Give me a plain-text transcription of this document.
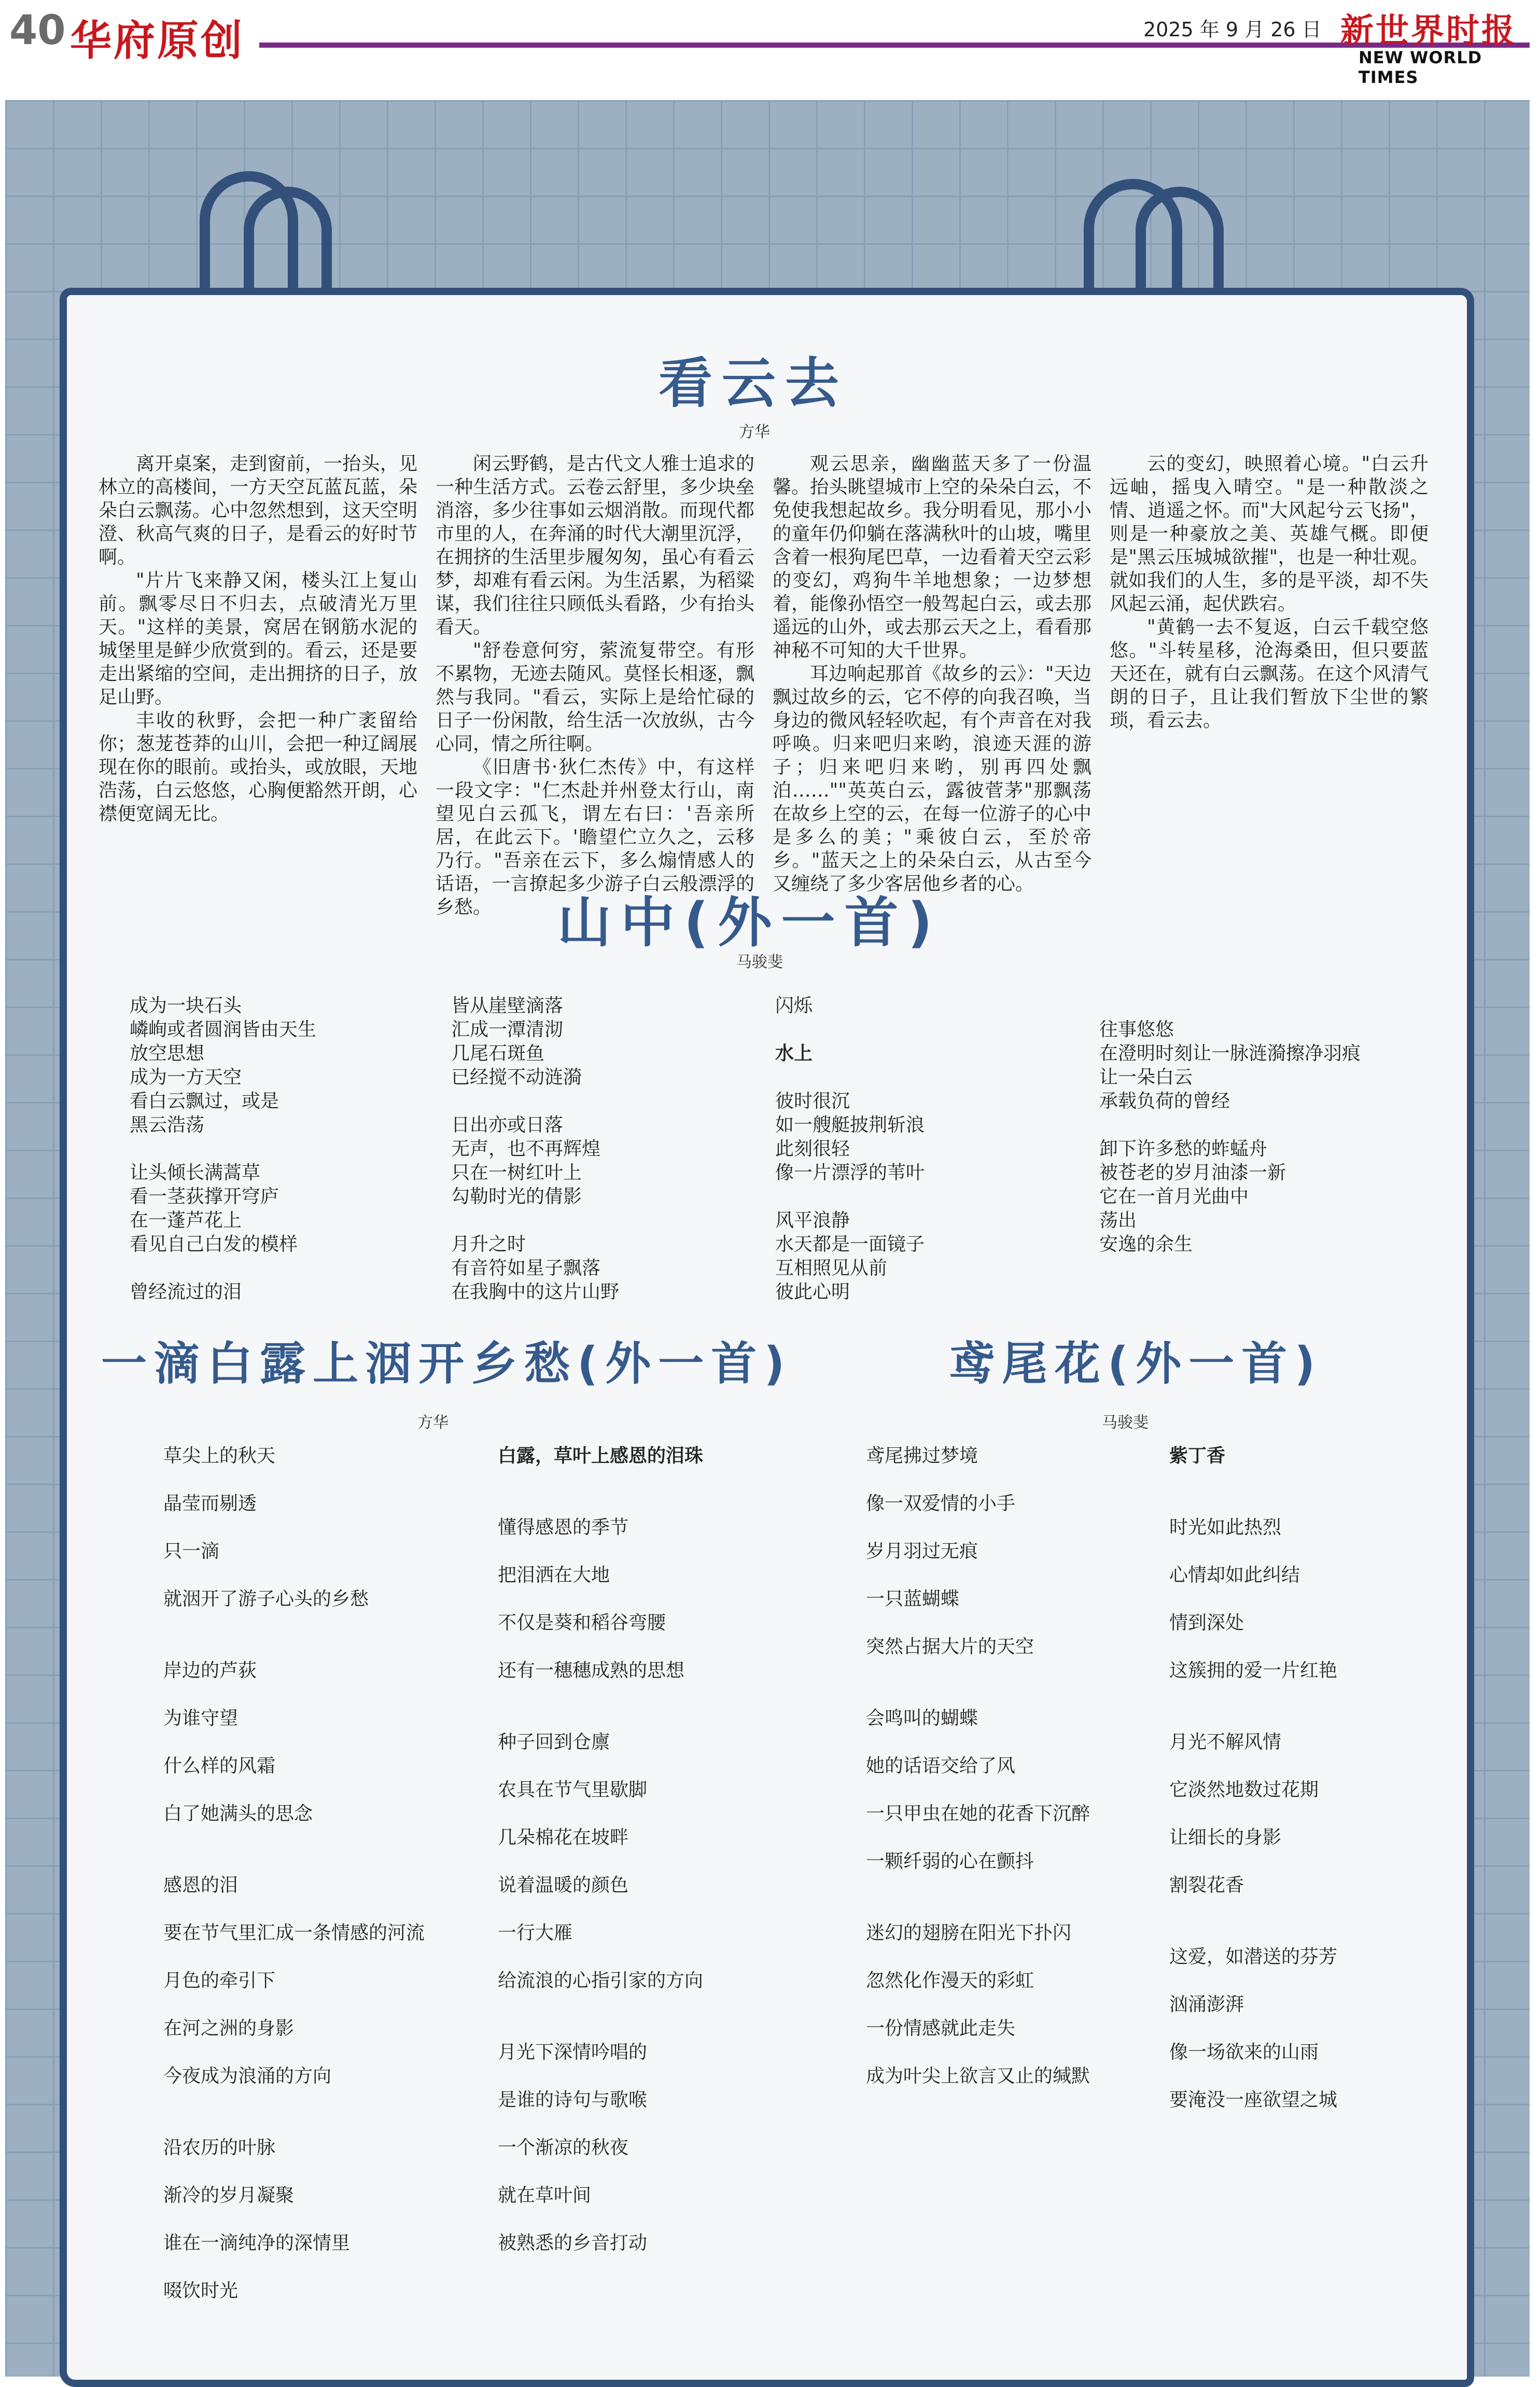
40 华府原创	2025 年 9 月 26 日 新世界时报
NEW WORLD TIMES
看云去
方华

离开桌案，走到窗前，一抬头，见林立的高楼间，一方天空瓦蓝瓦蓝，朵朵白云飘荡。心中忽然想到，这天空明澄、秋高气爽的日子，是看云的好时节啊。

"片片飞来静又闲，楼头江上复山前。飘零尽日不归去，点破清光万里天。"这样的美景，窝居在钢筋水泥的城堡里是鲜少欣赏到的。看云，还是要走出紧缩的空间，走出拥挤的日子，放足山野。

丰收的秋野，会把一种广袤留给你；葱茏苍莽的山川，会把一种辽阔展现在你的眼前。或抬头，或放眼，天地浩荡，白云悠悠，心胸便豁然开朗，心襟便宽阔无比。

闲云野鹤，是古代文人雅士追求的一种生活方式。云卷云舒里，多少块垒消溶，多少往事如云烟消散。而现代都市里的人，在奔涌的时代大潮里沉浮，在拥挤的生活里步履匆匆，虽心有看云梦，却难有看云闲。为生活累，为稻粱谋，我们往往只顾低头看路，少有抬头看天。

"舒卷意何穷，萦流复带空。有形不累物，无迹去随风。莫怪长相逐，飘然与我同。"看云，实际上是给忙碌的日子一份闲散，给生活一次放纵，古今心同，情之所往啊。

《旧唐书·狄仁杰传》中，有这样一段文字："仁杰赴并州登太行山，南望见白云孤飞，谓左右曰：'吾亲所居，在此云下。'瞻望伫立久之，云移乃行。"吾亲在云下，多么煽情感人的话语，一言撩起多少游子白云般漂浮的乡愁。

观云思亲，幽幽蓝天多了一份温馨。抬头眺望城市上空的朵朵白云，不免使我想起故乡。我分明看见，那小小的童年仍仰躺在落满秋叶的山坡，嘴里含着一根狗尾巴草，一边看着天空云彩的变幻，鸡狗牛羊地想象；一边梦想着，能像孙悟空一般驾起白云，或去那遥远的山外，或去那云天之上，看看那神秘不可知的大千世界。

耳边响起那首《故乡的云》："天边飘过故乡的云，它不停的向我召唤，当身边的微风轻轻吹起，有个声音在对我呼唤。归来吧归来哟，浪迹天涯的游子；归来吧归来哟，别再四处飘泊……""英英白云，露彼菅茅"那飘荡在故乡上空的云，在每一位游子的心中是多么的美；"乘彼白云，至於帝乡。"蓝天之上的朵朵白云，从古至今又缠绕了多少客居他乡者的心。

云的变幻，映照着心境。"白云升远岫，摇曳入晴空。"是一种散淡之情、逍遥之怀。而"大风起兮云飞扬"，则是一种豪放之美、英雄气概。即便是"黑云压城城欲摧"，也是一种壮观。就如我们的人生，多的是平淡，却不失风起云涌，起伏跌宕。

"黄鹤一去不复返，白云千载空悠悠。"斗转星移，沧海桑田，但只要蓝天还在，就有白云飘荡。在这个风清气朗的日子，且让我们暂放下尘世的繁琐，看云去。

山中(外一首)
马骏斐
成为一块石头
嶙峋或者圆润皆由天生
放空思想
成为一方天空
看白云飘过，或是
黑云浩荡
让头倾长满蒿草
看一茎荻撑开穹庐
在一蓬芦花上
看见自己白发的模样
曾经流过的泪
皆从崖壁滴落
汇成一潭清沏
几尾石斑鱼
已经搅不动涟漪
日出亦或日落
无声，也不再辉煌
只在一树红叶上
勾勒时光的倩影
月升之时
有音符如星子飘落
在我胸中的这片山野
闪烁
水上
彼时很沉
如一艘艇披荆斩浪
此刻很轻
像一片漂浮的苇叶
风平浪静
水天都是一面镜子
互相照见从前
彼此心明
往事悠悠
在澄明时刻让一脉涟漪擦净羽痕
让一朵白云
承载负荷的曾经
卸下许多愁的蚱蜢舟
被苍老的岁月油漆一新
它在一首月光曲中
荡出
安逸的余生
一滴白露上洇开乡愁(外一首)
方华
草尖上的秋天
晶莹而剔透
只一滴
就洇开了游子心头的乡愁
岸边的芦荻
为谁守望
什么样的风霜
白了她满头的思念
感恩的泪
要在节气里汇成一条情感的河流
月色的牵引下
在河之洲的身影
今夜成为浪涌的方向
沿农历的叶脉
渐冷的岁月凝聚
谁在一滴纯净的深情里
啜饮时光
白露，草叶上感恩的泪珠
懂得感恩的季节
把泪洒在大地
不仅是葵和稻谷弯腰
还有一穗穗成熟的思想
种子回到仓廪
农具在节气里歇脚
几朵棉花在坡畔
说着温暖的颜色
一行大雁
给流浪的心指引家的方向
月光下深情吟唱的
是谁的诗句与歌喉
一个渐凉的秋夜
就在草叶间
被熟悉的乡音打动
鸢尾花(外一首)
马骏斐
鸢尾拂过梦境
像一双爱情的小手
岁月羽过无痕
一只蓝蝴蝶
突然占据大片的天空
会鸣叫的蝴蝶
她的话语交给了风
一只甲虫在她的花香下沉醉
一颗纤弱的心在颤抖
迷幻的翅膀在阳光下扑闪
忽然化作漫天的彩虹
一份情感就此走失
成为叶尖上欲言又止的缄默
紫丁香
时光如此热烈
心情却如此纠结
情到深处
这簇拥的爱一片红艳
月光不解风情
它淡然地数过花期
让细长的身影
割裂花香
这爱，如潜送的芬芳
汹涌澎湃
像一场欲来的山雨
要淹没一座欲望之城
